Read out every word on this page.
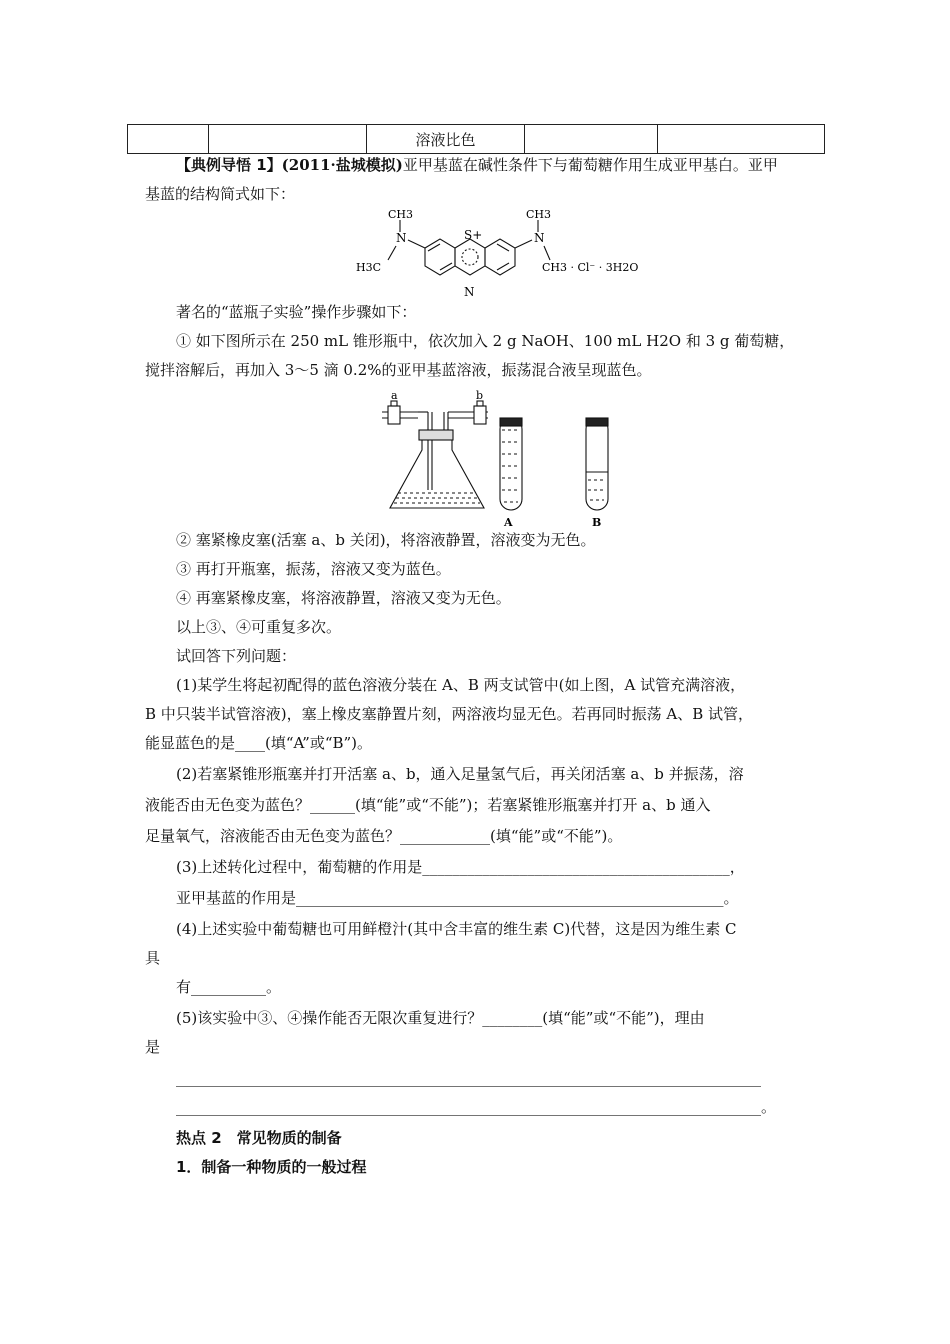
		溶液比色		
【典例导悟 1】(2011·盐城模拟)亚甲基蓝在碱性条件下与葡萄糖作用生成亚甲基白。亚甲
基蓝的结构简式如下：
CH3
N
H3C
S+
N
CH3
N
CH3 · Cl⁻ · 3H2O
著名的“蓝瓶子实验”操作步骤如下：
① 如下图所示在 250 mL 锥形瓶中，依次加入 2 g NaOH、100 mL H2O 和 3 g 葡萄糖，
搅拌溶解后，再加入 3～5 滴 0.2%的亚甲基蓝溶液，振荡混合液呈现蓝色。
a	b
A	B
② 塞紧橡皮塞(活塞 a、b 关闭)，将溶液静置，溶液变为无色。
③ 再打开瓶塞，振荡，溶液又变为蓝色。
④ 再塞紧橡皮塞，将溶液静置，溶液又变为无色。
以上③、④可重复多次。
试回答下列问题：
(1)某学生将起初配得的蓝色溶液分装在 A、B 两支试管中(如上图，A 试管充满溶液，
B 中只装半试管溶液)，塞上橡皮塞静置片刻，两溶液均显无色。若再同时振荡 A、B 试管，
能显蓝色的是____(填“A”或“B”)。
(2)若塞紧锥形瓶塞并打开活塞 a、b，通入足量氢气后，再关闭活塞 a、b 并振荡，溶
液能否由无色变为蓝色？______(填“能”或“不能”)；若塞紧锥形瓶塞并打开 a、b 通入
足量氧气，溶液能否由无色变为蓝色？____________(填“能”或“不能”)。
(3)上述转化过程中，葡萄糖的作用是_________________________________________，
亚甲基蓝的作用是_________________________________________________________。
(4)上述实验中葡萄糖也可用鲜橙汁(其中含丰富的维生素 C)代替，这是因为维生素 C
具
有__________。
(5)该实验中③、④操作能否无限次重复进行？________(填“能”或“不能”)，理由
是
______________________________________________________________________________
______________________________________________________________________________。
热点 2　常见物质的制备
1．制备一种物质的一般过程
